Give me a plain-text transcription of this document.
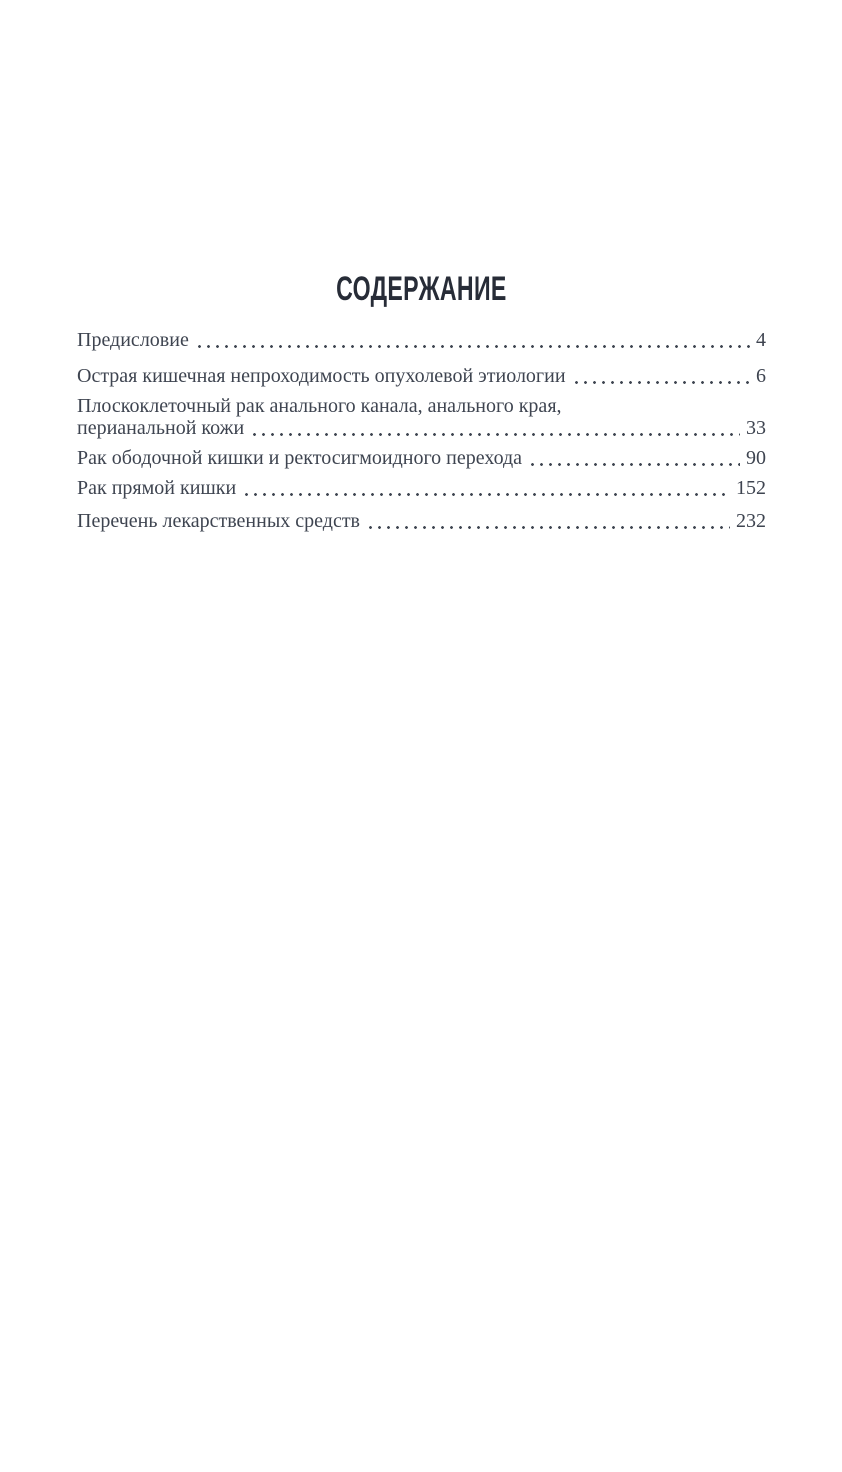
СОДЕРЖАНИЕ
Предисловие	4
Острая кишечная непроходимость опухолевой этиологии	6
Плоскоклеточный рак анального канала, анального края,
перианальной кожи	33
Рак ободочной кишки и ректосигмоидного перехода	90
Рак прямой кишки	152
Перечень лекарственных средств	232
